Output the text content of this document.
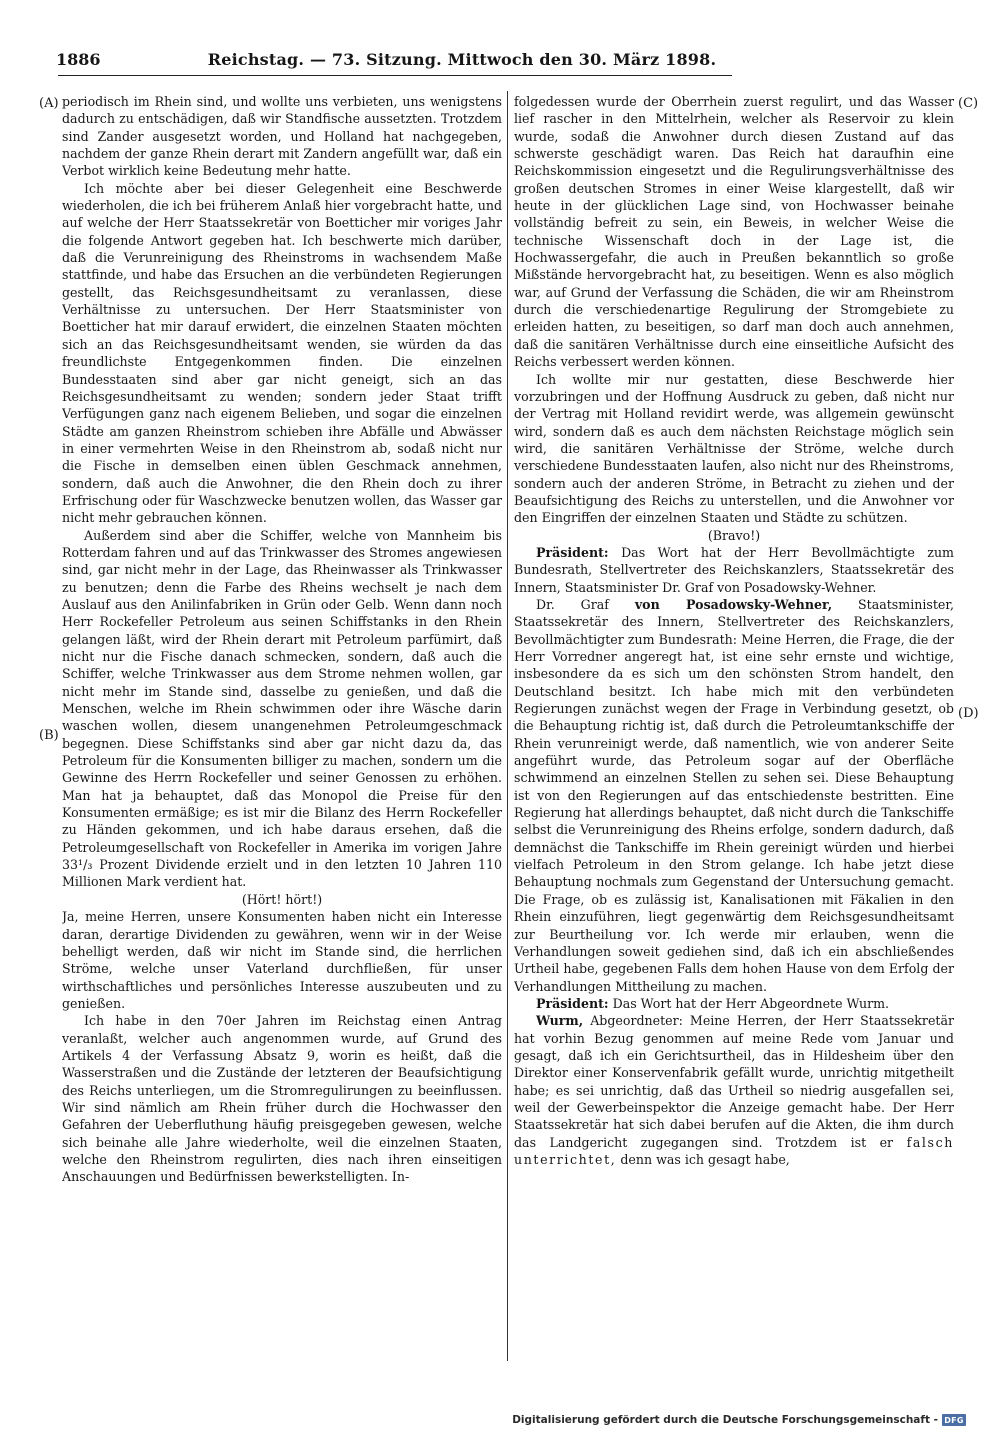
1886	Reichstag. — 73. Sitzung. Mittwoch den 30. März 1898.
(A)
(B)
(C)
(D)

periodisch im Rhein sind, und wollte uns verbieten, uns wenigstens dadurch zu entschädigen, daß wir Standfische aussetzten. Trotzdem sind Zander ausgesetzt worden, und Holland hat nachgegeben, nachdem der ganze Rhein derart mit Zandern angefüllt war, daß ein Verbot wirklich keine Bedeutung mehr hatte.

Ich möchte aber bei dieser Gelegenheit eine Beschwerde wiederholen, die ich bei früherem Anlaß hier vorgebracht hatte, und auf welche der Herr Staatssekretär von Boetticher mir voriges Jahr die folgende Antwort gegeben hat. Ich beschwerte mich darüber, daß die Verunreinigung des Rheinstroms in wachsendem Maße stattfinde, und habe das Ersuchen an die verbündeten Regierungen gestellt, das Reichsgesundheitsamt zu veranlassen, diese Verhältnisse zu untersuchen. Der Herr Staatsminister von Boetticher hat mir darauf erwidert, die einzelnen Staaten möchten sich an das Reichsgesundheitsamt wenden, sie würden da das freundlichste Entgegenkommen finden. Die einzelnen Bundesstaaten sind aber gar nicht geneigt, sich an das Reichsgesundheitsamt zu wenden; sondern jeder Staat trifft Verfügungen ganz nach eigenem Belieben, und sogar die einzelnen Städte am ganzen Rheinstrom schieben ihre Abfälle und Abwässer in einer vermehrten Weise in den Rheinstrom ab, sodaß nicht nur die Fische in demselben einen üblen Geschmack annehmen, sondern, daß auch die Anwohner, die den Rhein doch zu ihrer Erfrischung oder für Waschzwecke benutzen wollen, das Wasser gar nicht mehr gebrauchen können.

Außerdem sind aber die Schiffer, welche von Mannheim bis Rotterdam fahren und auf das Trinkwasser des Stromes angewiesen sind, gar nicht mehr in der Lage, das Rheinwasser als Trinkwasser zu benutzen; denn die Farbe des Rheins wechselt je nach dem Auslauf aus den Anilinfabriken in Grün oder Gelb. Wenn dann noch Herr Rockefeller Petroleum aus seinen Schiffstanks in den Rhein gelangen läßt, wird der Rhein derart mit Petroleum parfümirt, daß nicht nur die Fische danach schmecken, sondern, daß auch die Schiffer, welche Trinkwasser aus dem Strome nehmen wollen, gar nicht mehr im Stande sind, dasselbe zu genießen, und daß die Menschen, welche im Rhein schwimmen oder ihre Wäsche darin waschen wollen, diesem unangenehmen Petroleumgeschmack begegnen. Diese Schiffstanks sind aber gar nicht dazu da, das Petroleum für die Konsumenten billiger zu machen, sondern um die Gewinne des Herrn Rockefeller und seiner Genossen zu erhöhen. Man hat ja behauptet, daß das Monopol die Preise für den Konsumenten ermäßige; es ist mir die Bilanz des Herrn Rockefeller zu Händen gekommen, und ich habe daraus ersehen, daß die Petroleumgesellschaft von Rockefeller in Amerika im vorigen Jahre 33¹/₃ Prozent Dividende erzielt und in den letzten 10 Jahren 110 Millionen Mark verdient hat.

(Hört! hört!)

Ja, meine Herren, unsere Konsumenten haben nicht ein Interesse daran, derartige Dividenden zu gewähren, wenn wir in der Weise behelligt werden, daß wir nicht im Stande sind, die herrlichen Ströme, welche unser Vaterland durchfließen, für unser wirthschaftliches und persönliches Interesse auszubeuten und zu genießen.

Ich habe in den 70er Jahren im Reichstag einen Antrag veranlaßt, welcher auch angenommen wurde, auf Grund des Artikels 4 der Verfassung Absatz 9, worin es heißt, daß die Wasserstraßen und die Zustände der letzteren der Beaufsichtigung des Reichs unterliegen, um die Stromregulirungen zu beeinflussen. Wir sind nämlich am Rhein früher durch die Hochwasser den Gefahren der Ueberfluthung häufig preisgegeben gewesen, welche sich beinahe alle Jahre wiederholte, weil die einzelnen Staaten, welche den Rheinstrom regulirten, dies nach ihren einseitigen Anschauungen und Bedürfnissen bewerkstelligten. In-

folgedessen wurde der Oberrhein zuerst regulirt, und das Wasser lief rascher in den Mittelrhein, welcher als Reservoir zu klein wurde, sodaß die Anwohner durch diesen Zustand auf das schwerste geschädigt waren. Das Reich hat daraufhin eine Reichskommission eingesetzt und die Regulirungsverhältnisse des großen deutschen Stromes in einer Weise klargestellt, daß wir heute in der glücklichen Lage sind, von Hochwasser beinahe vollständig befreit zu sein, ein Beweis, in welcher Weise die technische Wissenschaft doch in der Lage ist, die Hochwassergefahr, die auch in Preußen bekanntlich so große Mißstände hervorgebracht hat, zu beseitigen. Wenn es also möglich war, auf Grund der Verfassung die Schäden, die wir am Rheinstrom durch die verschiedenartige Regulirung der Stromgebiete zu erleiden hatten, zu beseitigen, so darf man doch auch annehmen, daß die sanitären Verhältnisse durch eine einseitliche Aufsicht des Reichs verbessert werden können.

Ich wollte mir nur gestatten, diese Beschwerde hier vorzubringen und der Hoffnung Ausdruck zu geben, daß nicht nur der Vertrag mit Holland revidirt werde, was allgemein gewünscht wird, sondern daß es auch dem nächsten Reichstage möglich sein wird, die sanitären Verhältnisse der Ströme, welche durch verschiedene Bundesstaaten laufen, also nicht nur des Rheinstroms, sondern auch der anderen Ströme, in Betracht zu ziehen und der Beaufsichtigung des Reichs zu unterstellen, und die Anwohner vor den Eingriffen der einzelnen Staaten und Städte zu schützen.

(Bravo!)

Präsident: Das Wort hat der Herr Bevollmächtigte zum Bundesrath, Stellvertreter des Reichskanzlers, Staatssekretär des Innern, Staatsminister Dr. Graf von Posadowsky-Wehner.

Dr. Graf von Posadowsky-Wehner, Staatsminister, Staatssekretär des Innern, Stellvertreter des Reichskanzlers, Bevollmächtigter zum Bundesrath: Meine Herren, die Frage, die der Herr Vorredner angeregt hat, ist eine sehr ernste und wichtige, insbesondere da es sich um den schönsten Strom handelt, den Deutschland besitzt. Ich habe mich mit den verbündeten Regierungen zunächst wegen der Frage in Verbindung gesetzt, ob die Behauptung richtig ist, daß durch die Petroleumtankschiffe der Rhein verunreinigt werde, daß namentlich, wie von anderer Seite angeführt wurde, das Petroleum sogar auf der Oberfläche schwimmend an einzelnen Stellen zu sehen sei. Diese Behauptung ist von den Regierungen auf das entschiedenste bestritten. Eine Regierung hat allerdings behauptet, daß nicht durch die Tankschiffe selbst die Verunreinigung des Rheins erfolge, sondern dadurch, daß demnächst die Tankschiffe im Rhein gereinigt würden und hierbei vielfach Petroleum in den Strom gelange. Ich habe jetzt diese Behauptung nochmals zum Gegenstand der Untersuchung gemacht. Die Frage, ob es zulässig ist, Kanalisationen mit Fäkalien in den Rhein einzuführen, liegt gegenwärtig dem Reichsgesundheitsamt zur Beurtheilung vor. Ich werde mir erlauben, wenn die Verhandlungen soweit gediehen sind, daß ich ein abschließendes Urtheil habe, gegebenen Falls dem hohen Hause von dem Erfolg der Verhandlungen Mittheilung zu machen.

Präsident: Das Wort hat der Herr Abgeordnete Wurm.

Wurm, Abgeordneter: Meine Herren, der Herr Staatssekretär hat vorhin Bezug genommen auf meine Rede vom Januar und gesagt, daß ich ein Gerichtsurtheil, das in Hildesheim über den Direktor einer Konservenfabrik gefällt wurde, unrichtig mitgetheilt habe; es sei unrichtig, daß das Urtheil so niedrig ausgefallen sei, weil der Gewerbeinspektor die Anzeige gemacht habe. Der Herr Staatssekretär hat sich dabei berufen auf die Akten, die ihm durch das Landgericht zugegangen sind. Trotzdem ist er falsch unterrichtet, denn was ich gesagt habe,

Digitalisierung gefördert durch die Deutsche Forschungsgemeinschaft - DFG
